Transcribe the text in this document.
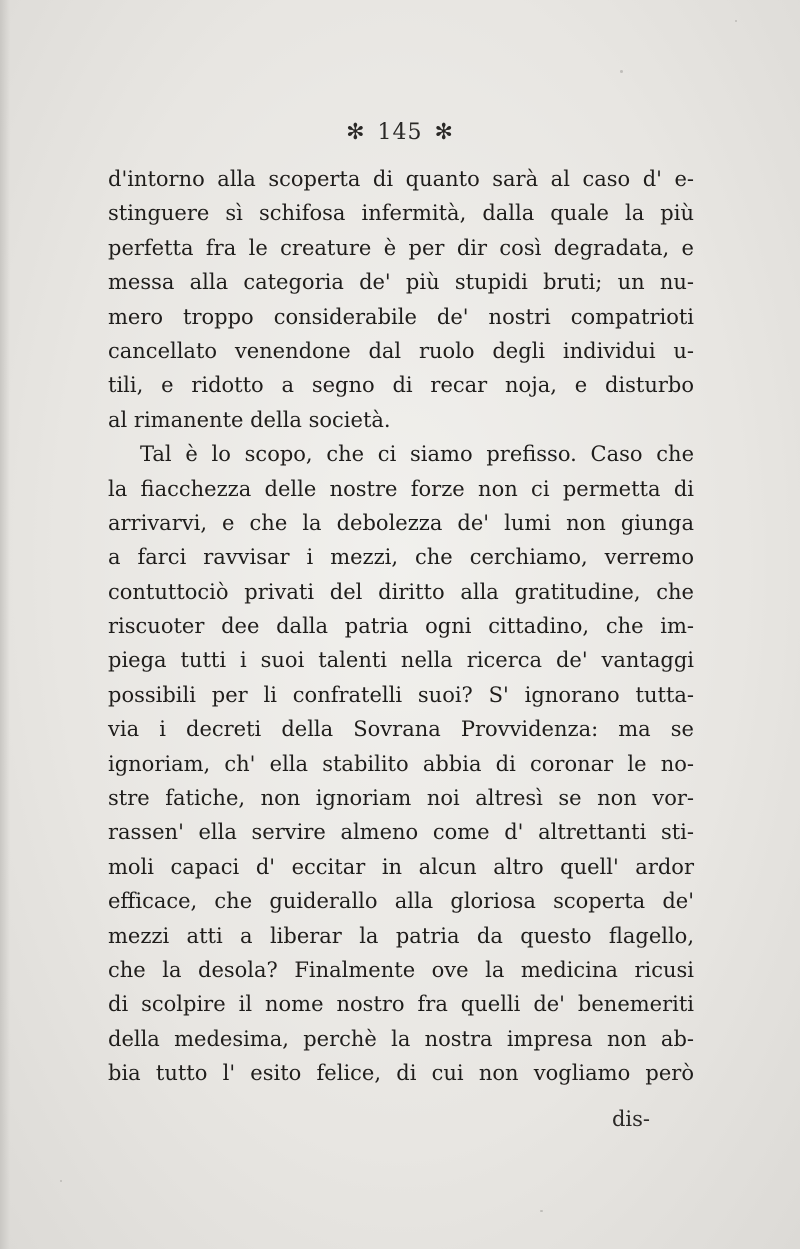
✻ 145 ✻
d'intorno alla scoperta di quanto sarà al caso d' e-
stinguere sì schifosa infermità, dalla quale la più
perfetta fra le creature è per dir così degradata, e
messa alla categoria de' più stupidi bruti; un nu-
mero troppo considerabile de' nostri compatrioti
cancellato venendone dal ruolo degli individui u-
tili, e ridotto a segno di recar noja, e disturbo
al rimanente della società.
Tal è lo scopo, che ci siamo prefisso. Caso che
la fiacchezza delle nostre forze non ci permetta di
arrivarvi, e che la debolezza de' lumi non giunga
a farci ravvisar i mezzi, che cerchiamo, verremo
contuttociò privati del diritto alla gratitudine, che
riscuoter dee dalla patria ogni cittadino, che im-
piega tutti i suoi talenti nella ricerca de' vantaggi
possibili per li confratelli suoi? S' ignorano tutta-
via i decreti della Sovrana Provvidenza: ma se
ignoriam, ch' ella stabilito abbia di coronar le no-
stre fatiche, non ignoriam noi altresì se non vor-
rassen' ella servire almeno come d' altrettanti sti-
moli capaci d' eccitar in alcun altro quell' ardor
efficace, che guiderallo alla gloriosa scoperta de'
mezzi atti a liberar la patria da questo flagello,
che la desola? Finalmente ove la medicina ricusi
di scolpire il nome nostro fra quelli de' benemeriti
della medesima, perchè la nostra impresa non ab-
bia tutto l' esito felice, di cui non vogliamo però
dis-
